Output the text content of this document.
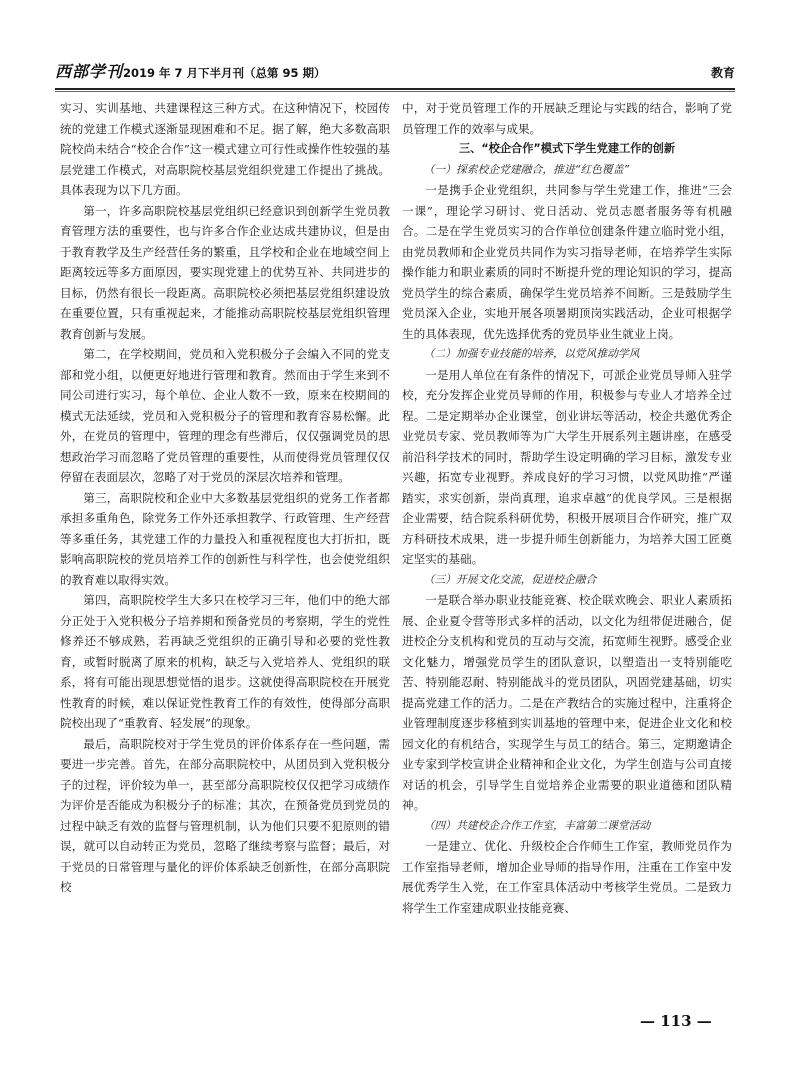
西部学刊 2019 年 7 月下半月刊（总第 95 期）	教育

实习、实训基地、共建课程这三种方式。在这种情况下，校园传统的党建工作模式逐渐显现困难和不足。据了解，绝大多数高职院校尚未结合“校企合作”这一模式建立可行性或操作性较强的基层党建工作模式，对高职院校基层党组织党建工作提出了挑战。具体表现为以下几方面。

第一，许多高职院校基层党组织已经意识到创新学生党员教育管理方法的重要性，也与许多合作企业达成共建协议，但是由于教育教学及生产经营任务的繁重，且学校和企业在地域空间上距离较远等多方面原因，要实现党建上的优势互补、共同进步的目标，仍然有很长一段距离。高职院校必须把基层党组织建设放在重要位置，只有重视起来，才能推动高职院校基层党组织管理教育创新与发展。

第二，在学校期间，党员和入党积极分子会编入不同的党支部和党小组，以便更好地进行管理和教育。然而由于学生来到不同公司进行实习，每个单位、企业人数不一致，原来在校期间的模式无法延续，党员和入党积极分子的管理和教育容易松懈。此外，在党员的管理中，管理的理念有些滞后，仅仅强调党员的思想政治学习而忽略了党员管理的重要性，从而使得党员管理仅仅停留在表面层次，忽略了对于党员的深层次培养和管理。

第三，高职院校和企业中大多数基层党组织的党务工作者都承担多重角色，除党务工作外还承担教学、行政管理、生产经营等多重任务，其党建工作的力量投入和重视程度也大打折扣，既影响高职院校的党员培养工作的创新性与科学性，也会使党组织的教育难以取得实效。

第四，高职院校学生大多只在校学习三年，他们中的绝大部分正处于入党积极分子培养期和预备党员的考察期，学生的党性修养还不够成熟，若再缺乏党组织的正确引导和必要的党性教育，或暂时脱离了原来的机构，缺乏与入党培养人、党组织的联系，将有可能出现思想觉悟的退步。这就使得高职院校在开展党性教育的时候，难以保证党性教育工作的有效性，使得部分高职院校出现了“重教育、轻发展”的现象。

最后，高职院校对于学生党员的评价体系存在一些问题，需要进一步完善。首先，在部分高职院校中，从团员到入党积极分子的过程，评价较为单一，甚至部分高职院校仅仅把学习成绩作为评价是否能成为积极分子的标准；其次，在预备党员到党员的过程中缺乏有效的监督与管理机制，认为他们只要不犯原则的错误，就可以自动转正为党员，忽略了继续考察与监督；最后，对于党员的日常管理与量化的评价体系缺乏创新性，在部分高职院校

中，对于党员管理工作的开展缺乏理论与实践的结合，影响了党员管理工作的效率与成果。

三、“校企合作”模式下学生党建工作的创新

（一）探索校企党建融合，推进“红色覆盖”

一是携手企业党组织，共同参与学生党建工作，推进“三会一课”，理论学习研讨、党日活动、党员志愿者服务等有机融合。二是在学生党员实习的合作单位创建条件建立临时党小组，由党员教师和企业党员共同作为实习指导老师，在培养学生实际操作能力和职业素质的同时不断提升党的理论知识的学习，提高党员学生的综合素质，确保学生党员培养不间断。三是鼓励学生党员深入企业，实地开展各项暑期顶岗实践活动，企业可根据学生的具体表现，优先选择优秀的党员毕业生就业上岗。

（二）加强专业技能的培养，以党风推动学风

一是用人单位在有条件的情况下，可派企业党员导师入驻学校，充分发挥企业党员导师的作用，积极参与专业人才培养全过程。二是定期举办企业课堂，创业讲坛等活动，校企共邀优秀企业党员专家、党员教师等为广大学生开展系列主题讲座，在感受前沿科学技术的同时，帮助学生设定明确的学习目标，激发专业兴趣，拓宽专业视野。养成良好的学习习惯，以党风助推“严谨踏实，求实创新，崇尚真理，追求卓越”的优良学风。三是根据企业需要，结合院系科研优势，积极开展项目合作研究，推广双方科研技术成果，进一步提升师生创新能力，为培养大国工匠奠定坚实的基础。

（三）开展文化交流，促进校企融合

一是联合举办职业技能竞赛、校企联欢晚会、职业人素质拓展、企业夏令营等形式多样的活动，以文化为纽带促进融合，促进校企分支机构和党员的互动与交流，拓宽师生视野。感受企业文化魅力，增强党员学生的团队意识，以塑造出一支特别能吃苦、特别能忍耐、特别能战斗的党员团队，巩固党建基础，切实提高党建工作的活力。二是在产教结合的实施过程中，注重将企业管理制度逐步移植到实训基地的管理中来，促进企业文化和校园文化的有机结合，实现学生与员工的结合。第三，定期邀请企业专家到学校宣讲企业精神和企业文化，为学生创造与公司直接对话的机会，引导学生自觉培养企业需要的职业道德和团队精神。

（四）共建校企合作工作室，丰富第二课堂活动

一是建立、优化、升级校企合作师生工作室，教师党员作为工作室指导老师，增加企业导师的指导作用，注重在工作室中发展优秀学生入党，在工作室具体活动中考核学生党员。二是致力将学生工作室建成职业技能竞赛、

— 113 —
